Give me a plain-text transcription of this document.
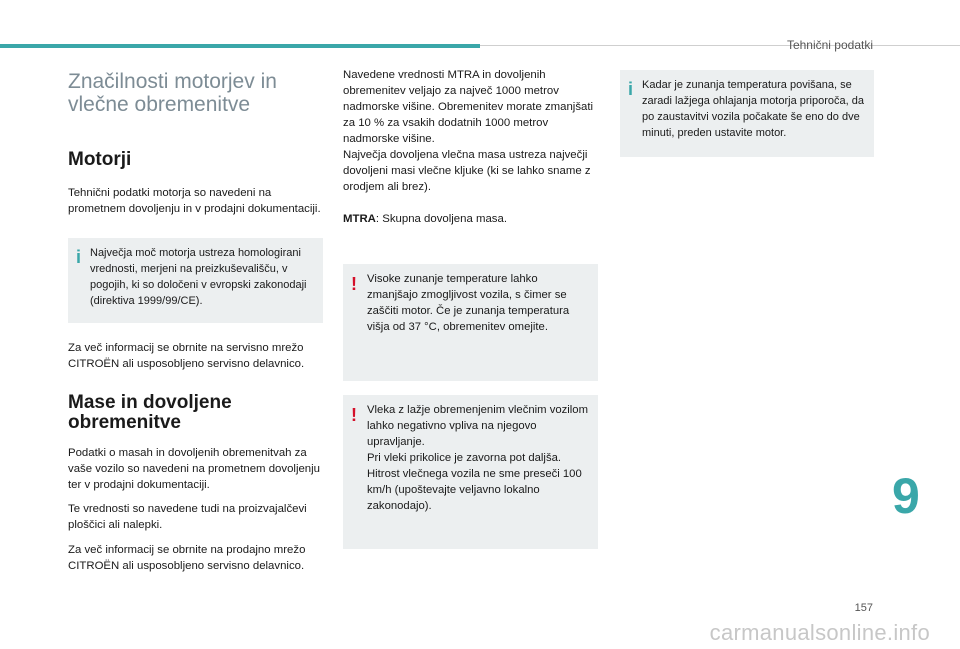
Tehnični podatki
Značilnosti motorjev in
vlečne obremenitve
Motorji
Tehnični podatki motorja so navedeni na prometnem dovoljenju in v prodajni dokumentaciji.
i Največja moč motorja ustreza homologirani vrednosti, merjeni na preizkuševališču, v pogojih, ki so določeni v evropski zakonodaji (direktiva 1999/99/CE).
Za več informacij se obrnite na servisno mrežo CITROËN ali usposobljeno servisno delavnico.
Mase in dovoljene
obremenitve
Podatki o masah in dovoljenih obremenitvah za vaše vozilo so navedeni na prometnem dovoljenju ter v prodajni dokumentaciji.
Te vrednosti so navedene tudi na proizvajalčevi ploščici ali nalepki.
Za več informacij se obrnite na prodajno mrežo CITROËN ali usposobljeno servisno delavnico.
Navedene vrednosti MTRA in dovoljenih obremenitev veljajo za največ 1000 metrov nadmorske višine. Obremenitev morate zmanjšati za 10 % za vsakih dodatnih 1000 metrov nadmorske višine.
Največja dovoljena vlečna masa ustreza največji dovoljeni masi vlečne kljuke (ki se lahko sname z orodjem ali brez).
MTRA: Skupna dovoljena masa.
! Visoke zunanje temperature lahko zmanjšajo zmogljivost vozila, s čimer se zaščiti motor. Če je zunanja temperatura višja od 37 °C, obremenitev omejite.
! Vleka z lažje obremenjenim vlečnim vozilom lahko negativno vpliva na njegovo upravljanje.
Pri vleki prikolice je zavorna pot daljša.
Hitrost vlečnega vozila ne sme preseči 100 km/h (upoštevajte veljavno lokalno zakonodajo).
i Kadar je zunanja temperatura povišana, se zaradi lažjega ohlajanja motorja priporoča, da po zaustavitvi vozila počakate še eno do dve minuti, preden ustavite motor.
9
157
carmanualsonline.info
